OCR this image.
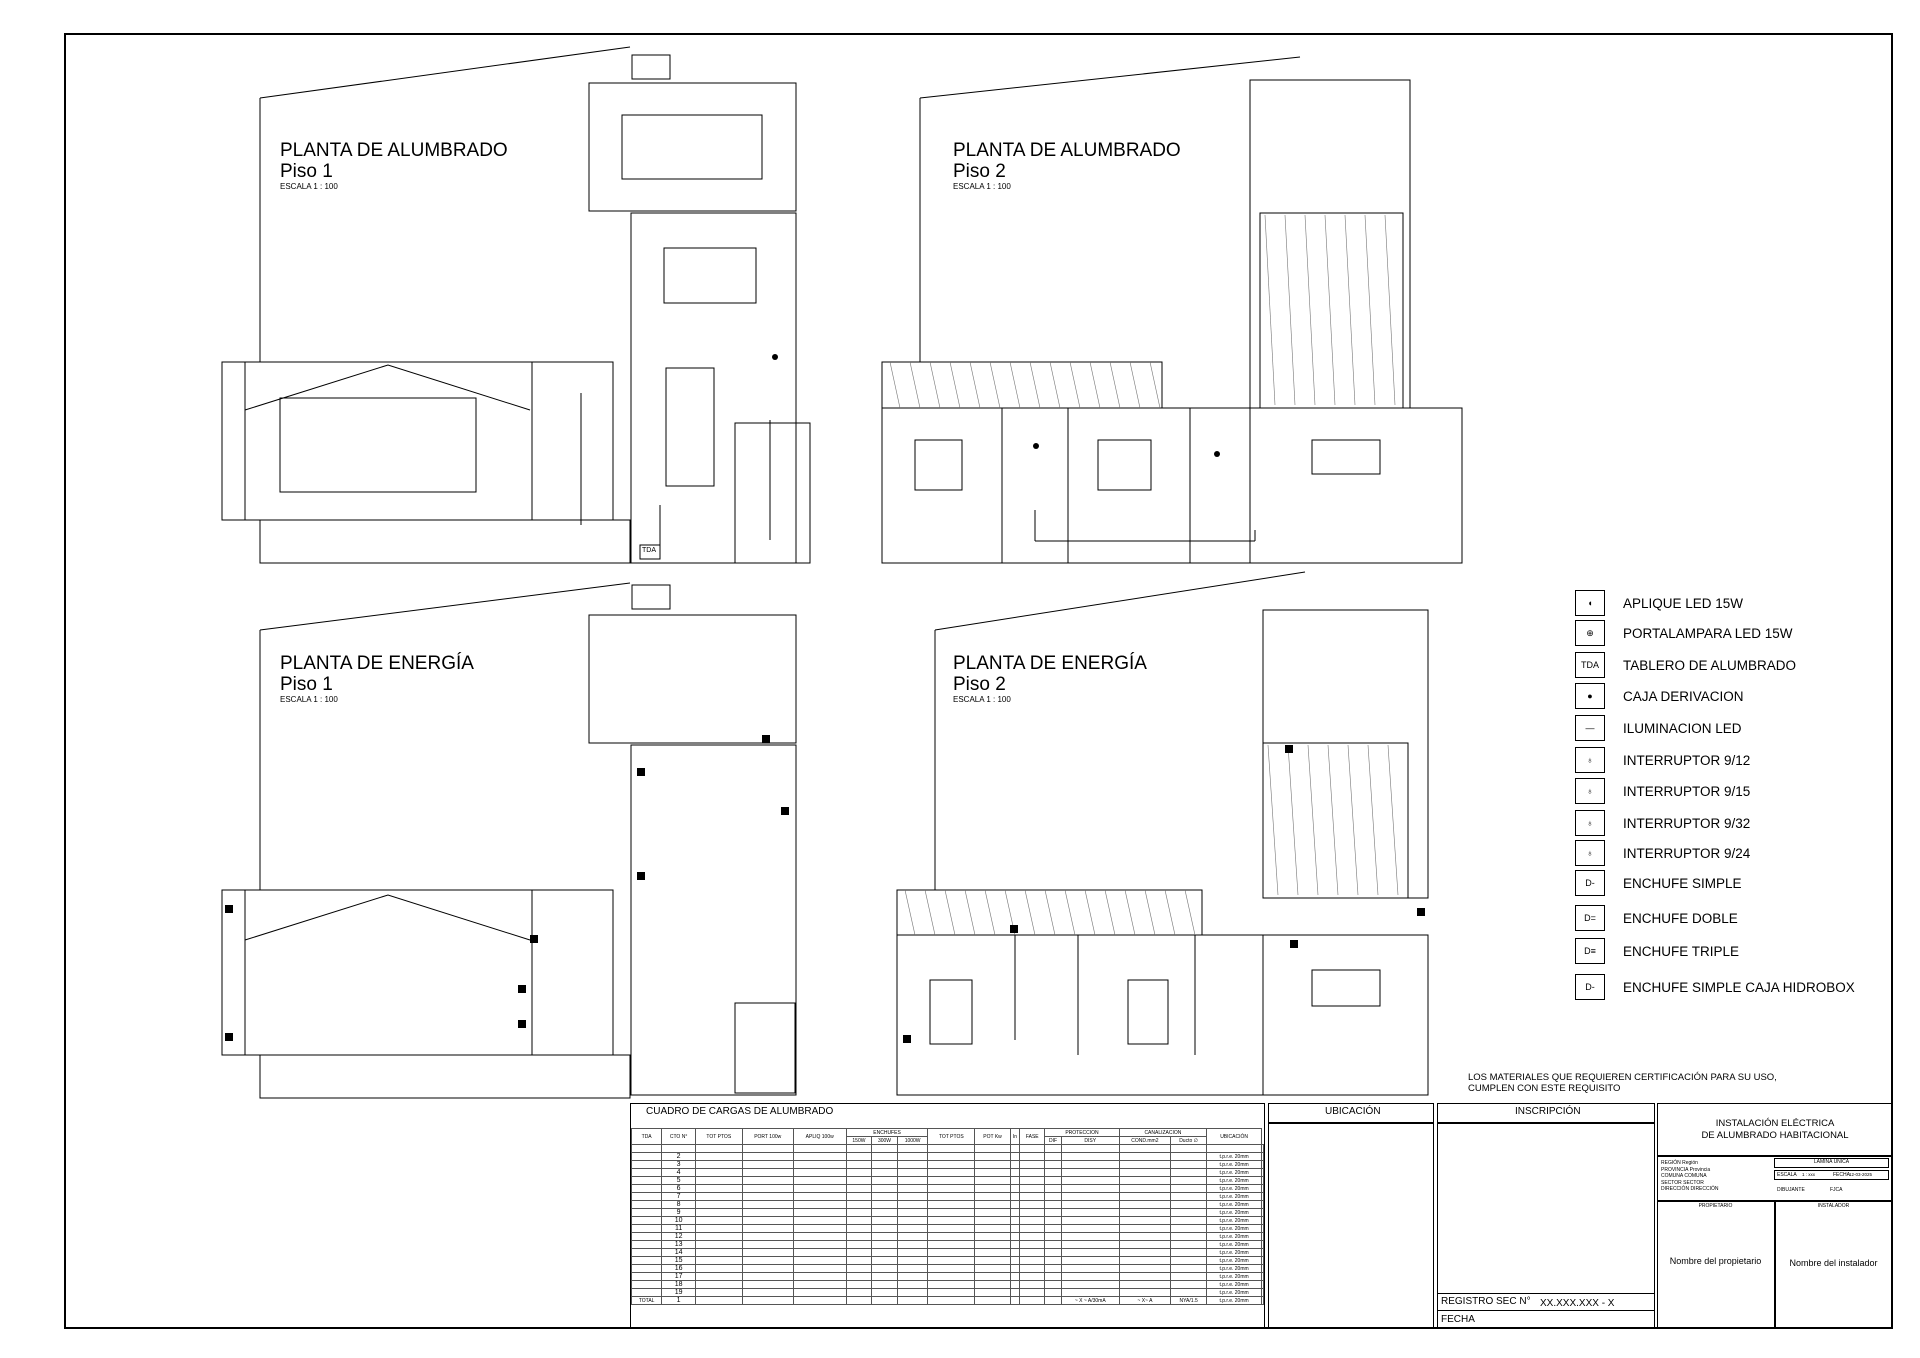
PLANTA DE ALUMBRADO
Piso 1
ESCALA 1 : 100
PLANTA DE ALUMBRADO
Piso 2
ESCALA 1 : 100
PLANTA DE ENERGÍA
Piso 1
ESCALA 1 : 100
PLANTA DE ENERGÍA
Piso 2
ESCALA 1 : 100
TDA
◖	APLIQUE LED 15W
⊕	PORTALAMPARA LED 15W
TDA	TABLERO DE ALUMBRADO
●	CAJA DERIVACION
—	ILUMINACION LED
♁	INTERRUPTOR 9/12
♁	INTERRUPTOR 9/15
♁	INTERRUPTOR 9/32
♁	INTERRUPTOR 9/24
D-	ENCHUFE SIMPLE
D=	ENCHUFE DOBLE
D≡	ENCHUFE TRIPLE
D-	ENCHUFE SIMPLE CAJA HIDROBOX
LOS MATERIALES QUE REQUIEREN CERTIFICACIÓN PARA SU USO,
CUMPLEN CON ESTE REQUISITO
CUADRO DE CARGAS DE ALUMBRADO
TDA	CTO N°	TOT PTOS	PORT 100w	APLIQ 100w	ENCHUFES			TOT PTOS	POT Kw	In	FASE	PROTECCION		CANALIZACION		UBICACIÓN	
					150W	300W	1000W					DIF	DISY	COND.mm2	Ducto ∅		

	2															t.p.r.e. 20mm	
	3															t.p.r.e. 20mm	
	4															t.p.r.e. 20mm	
	5															t.p.r.e. 20mm	
	6															t.p.r.e. 20mm	
	7															t.p.r.e. 20mm	
	8															t.p.r.e. 20mm	
	9															t.p.r.e. 20mm	
	10															t.p.r.e. 20mm	
	11															t.p.r.e. 20mm	
	12															t.p.r.e. 20mm	
	13															t.p.r.e. 20mm	
	14															t.p.r.e. 20mm	
	15															t.p.r.e. 20mm	
	16															t.p.r.e. 20mm	
	17															t.p.r.e. 20mm	
	18															t.p.r.e. 20mm	
	19															t.p.r.e. 20mm	
TOTAL	1												~ X ~ A/30mA	~ X~ A	NYA/1.5	t.p.r.e. 20mm	
UBICACIÓN	INSCRIPCIÓN
REGISTRO SEC N° XX.XXX.XXX - X
FECHA
INSTALACIÓN ELÉCTRICA
DE ALUMBRADO HABITACIONAL
REGIÓN Región
PROVINCIA Provincia
COMUNA COMUNA
SECTOR SECTOR
DIRECCIÓN DIRECCIÓN
LAMINA ÚNICA
ESCALA 1 : xxx	FECHA 12-03-2025
DIBUJANTE	FJCA
PROPIETARIO	INSTALADOR
Nombre del propietario	Nombre del instalador
